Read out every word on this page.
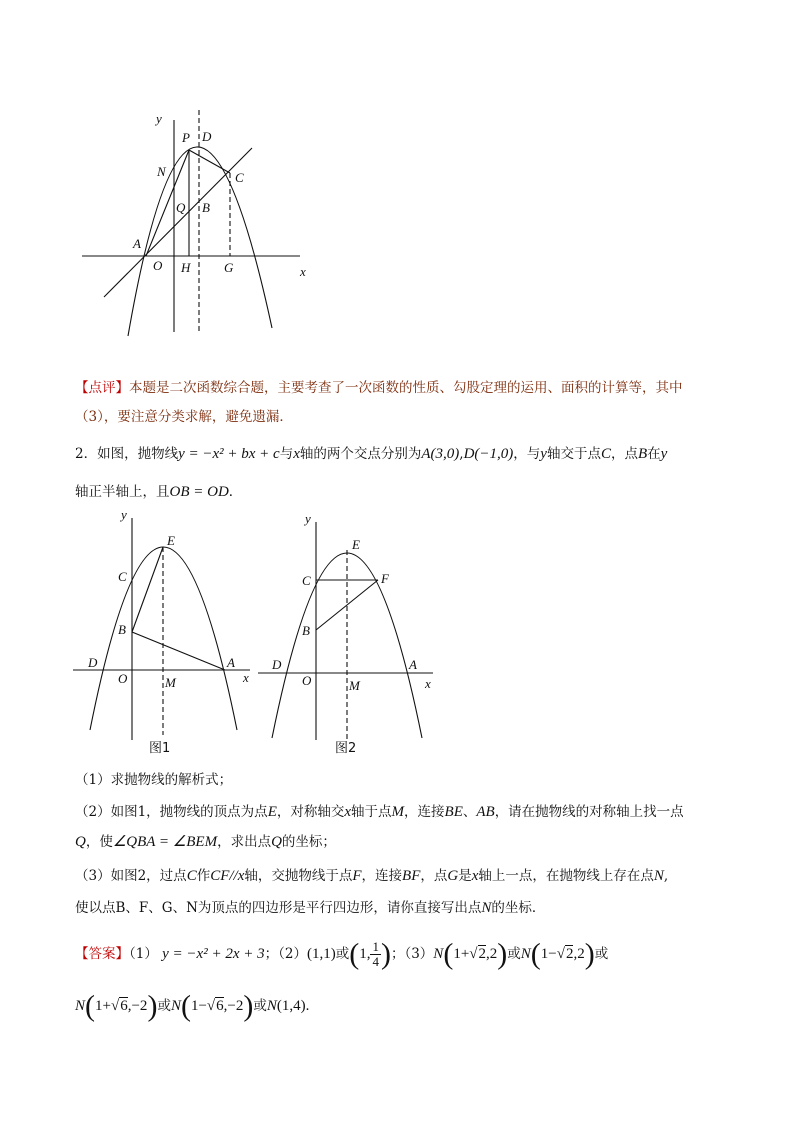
y
P D
N	C
Q B
A
O H	G	x
【点评】本题是二次函数综合题，主要考查了一次函数的性质、勾股定理的运用、面积的计算等，其中
（3），要注意分类求解，避免遗漏．
2．如图，抛物线y = −x² + bx + c与x轴的两个交点分别为A(3,0),D(−1,0)，与y轴交于点C，点B在y
轴正半轴上，且OB = OD．
y
E
C
B
D	A
O	M	x
图1
y
E
C	F
B
D	A
O	M	x
图2
（1）求抛物线的解析式；
（2）如图1，抛物线的顶点为点E，对称轴交x轴于点M，连接BE、AB，请在抛物线的对称轴上找一点
Q，使∠QBA = ∠BEM，求出点Q的坐标；
（3）如图2，过点C作CF//x轴，交抛物线于点F，连接BF，点G是x轴上一点，在抛物线上存在点N,
使以点B、F、G、N为顶点的四边形是平行四边形，请你直接写出点N的坐标．
【答案】（1） y = −x² + 2x + 3；（2）(1,1)或(1, $\frac{1}{4}$ )；（3）N(1+√2,2)或N(1−√2,2)或
N(1+√6,−2)或N(1−√6,−2)或N(1,4).
